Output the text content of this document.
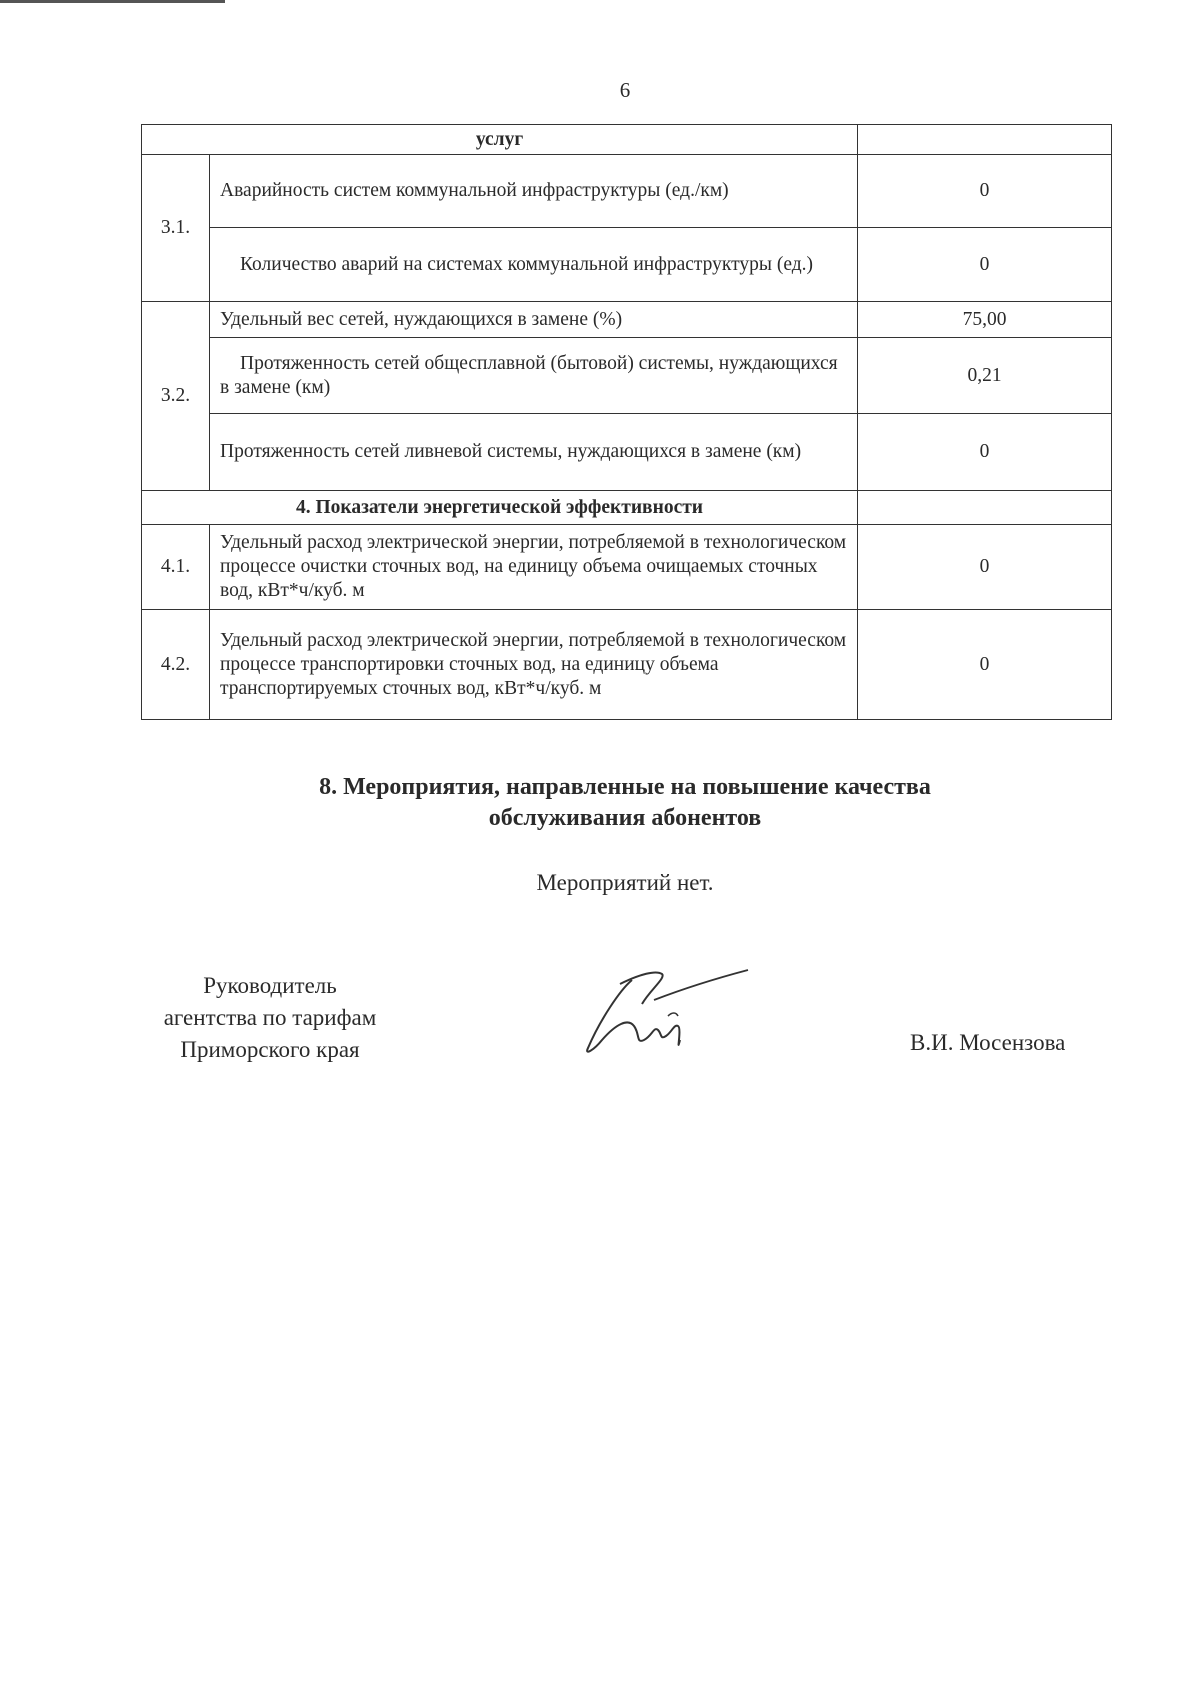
6
услуг		
3.1.	Аварийность систем коммунальной инфраструктуры (ед./км)	0
	Количество аварий на системах коммунальной инфраструктуры (ед.)	0
3.2.	Удельный вес сетей, нуждающихся в замене (%)	75,00
	Протяженность сетей общесплавной (бытовой) системы, нуждающихся в замене (км)	0,21
	Протяженность сетей ливневой системы, нуждающихся в замене (км)	0
4. Показатели энергетической эффективности		
4.1.	Удельный расход электрической энергии, потребляемой в технологическом процессе очистки сточных вод, на единицу объема очищаемых сточных вод, кВт*ч/куб. м	0
4.2.	Удельный расход электрической энергии, потребляемой в технологическом процессе транспортировки сточных вод, на единицу объема транспортируемых сточных вод, кВт*ч/куб. м	0
8. Мероприятия, направленные на повышение качества
обслуживания абонентов
Мероприятий нет.
Руководитель
агентства по тарифам
Приморского края	В.И. Мосензова
